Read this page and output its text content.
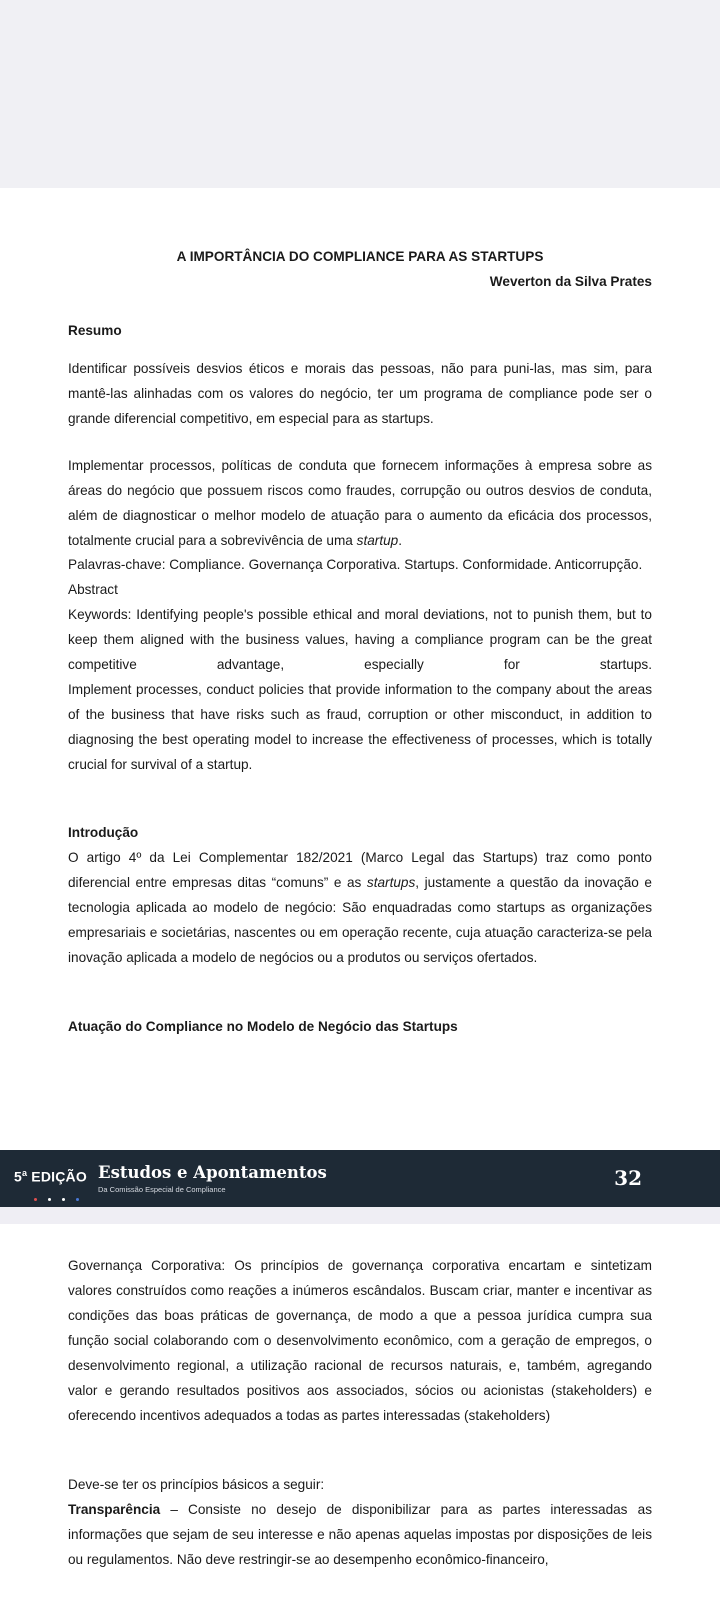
A IMPORTÂNCIA DO COMPLIANCE PARA AS STARTUPS
Weverton da Silva Prates
Resumo

Identificar possíveis desvios éticos e morais das pessoas, não para puni-las, mas sim, para mantê-las alinhadas com os valores do negócio, ter um programa de compliance pode ser o grande diferencial competitivo, em especial para as startups.

Implementar processos, políticas de conduta que fornecem informações à empresa sobre as áreas do negócio que possuem riscos como fraudes, corrupção ou outros desvios de conduta, além de diagnosticar o melhor modelo de atuação para o aumento da eficácia dos processos, totalmente crucial para a sobrevivência de uma startup.

Palavras-chave: Compliance. Governança Corporativa. Startups. Conformidade. Anticorrupção.

Abstract

Keywords: Identifying people's possible ethical and moral deviations, not to punish them, but to keep them aligned with the business values, having a compliance program can be the great competitive advantage, especially for startups.

Implement processes, conduct policies that provide information to the company about the areas of the business that have risks such as fraud, corruption or other misconduct, in addition to diagnosing the best operating model to increase the effectiveness of processes, which is totally crucial for survival of a startup.

Introdução

O artigo 4º da Lei Complementar 182/2021 (Marco Legal das Startups) traz como ponto diferencial entre empresas ditas “comuns” e as startups, justamente a questão da inovação e tecnologia aplicada ao modelo de negócio: São enquadradas como startups as organizações empresariais e societárias, nascentes ou em operação recente, cuja atuação caracteriza-se pela inovação aplicada a modelo de negócios ou a produtos ou serviços ofertados.

Atuação do Compliance no Modelo de Negócio das Startups
5$^a$ EDIÇÃO Estudos e Apontamentos
Da Comissão Especial de Compliance	32

Governança Corporativa: Os princípios de governança corporativa encartam e sintetizam valores construídos como reações a inúmeros escândalos. Buscam criar, manter e incentivar as condições das boas práticas de governança, de modo a que a pessoa jurídica cumpra sua função social colaborando com o desenvolvimento econômico, com a geração de empregos, o desenvolvimento regional, a utilização racional de recursos naturais, e, também, agregando valor e gerando resultados positivos aos associados, sócios ou acionistas (stakeholders) e oferecendo incentivos adequados a todas as partes interessadas (stakeholders)

Deve-se ter os princípios básicos a seguir:

Transparência – Consiste no desejo de disponibilizar para as partes interessadas as informações que sejam de seu interesse e não apenas aquelas impostas por disposições de leis ou regulamentos. Não deve restringir-se ao desempenho econômico-financeiro,
